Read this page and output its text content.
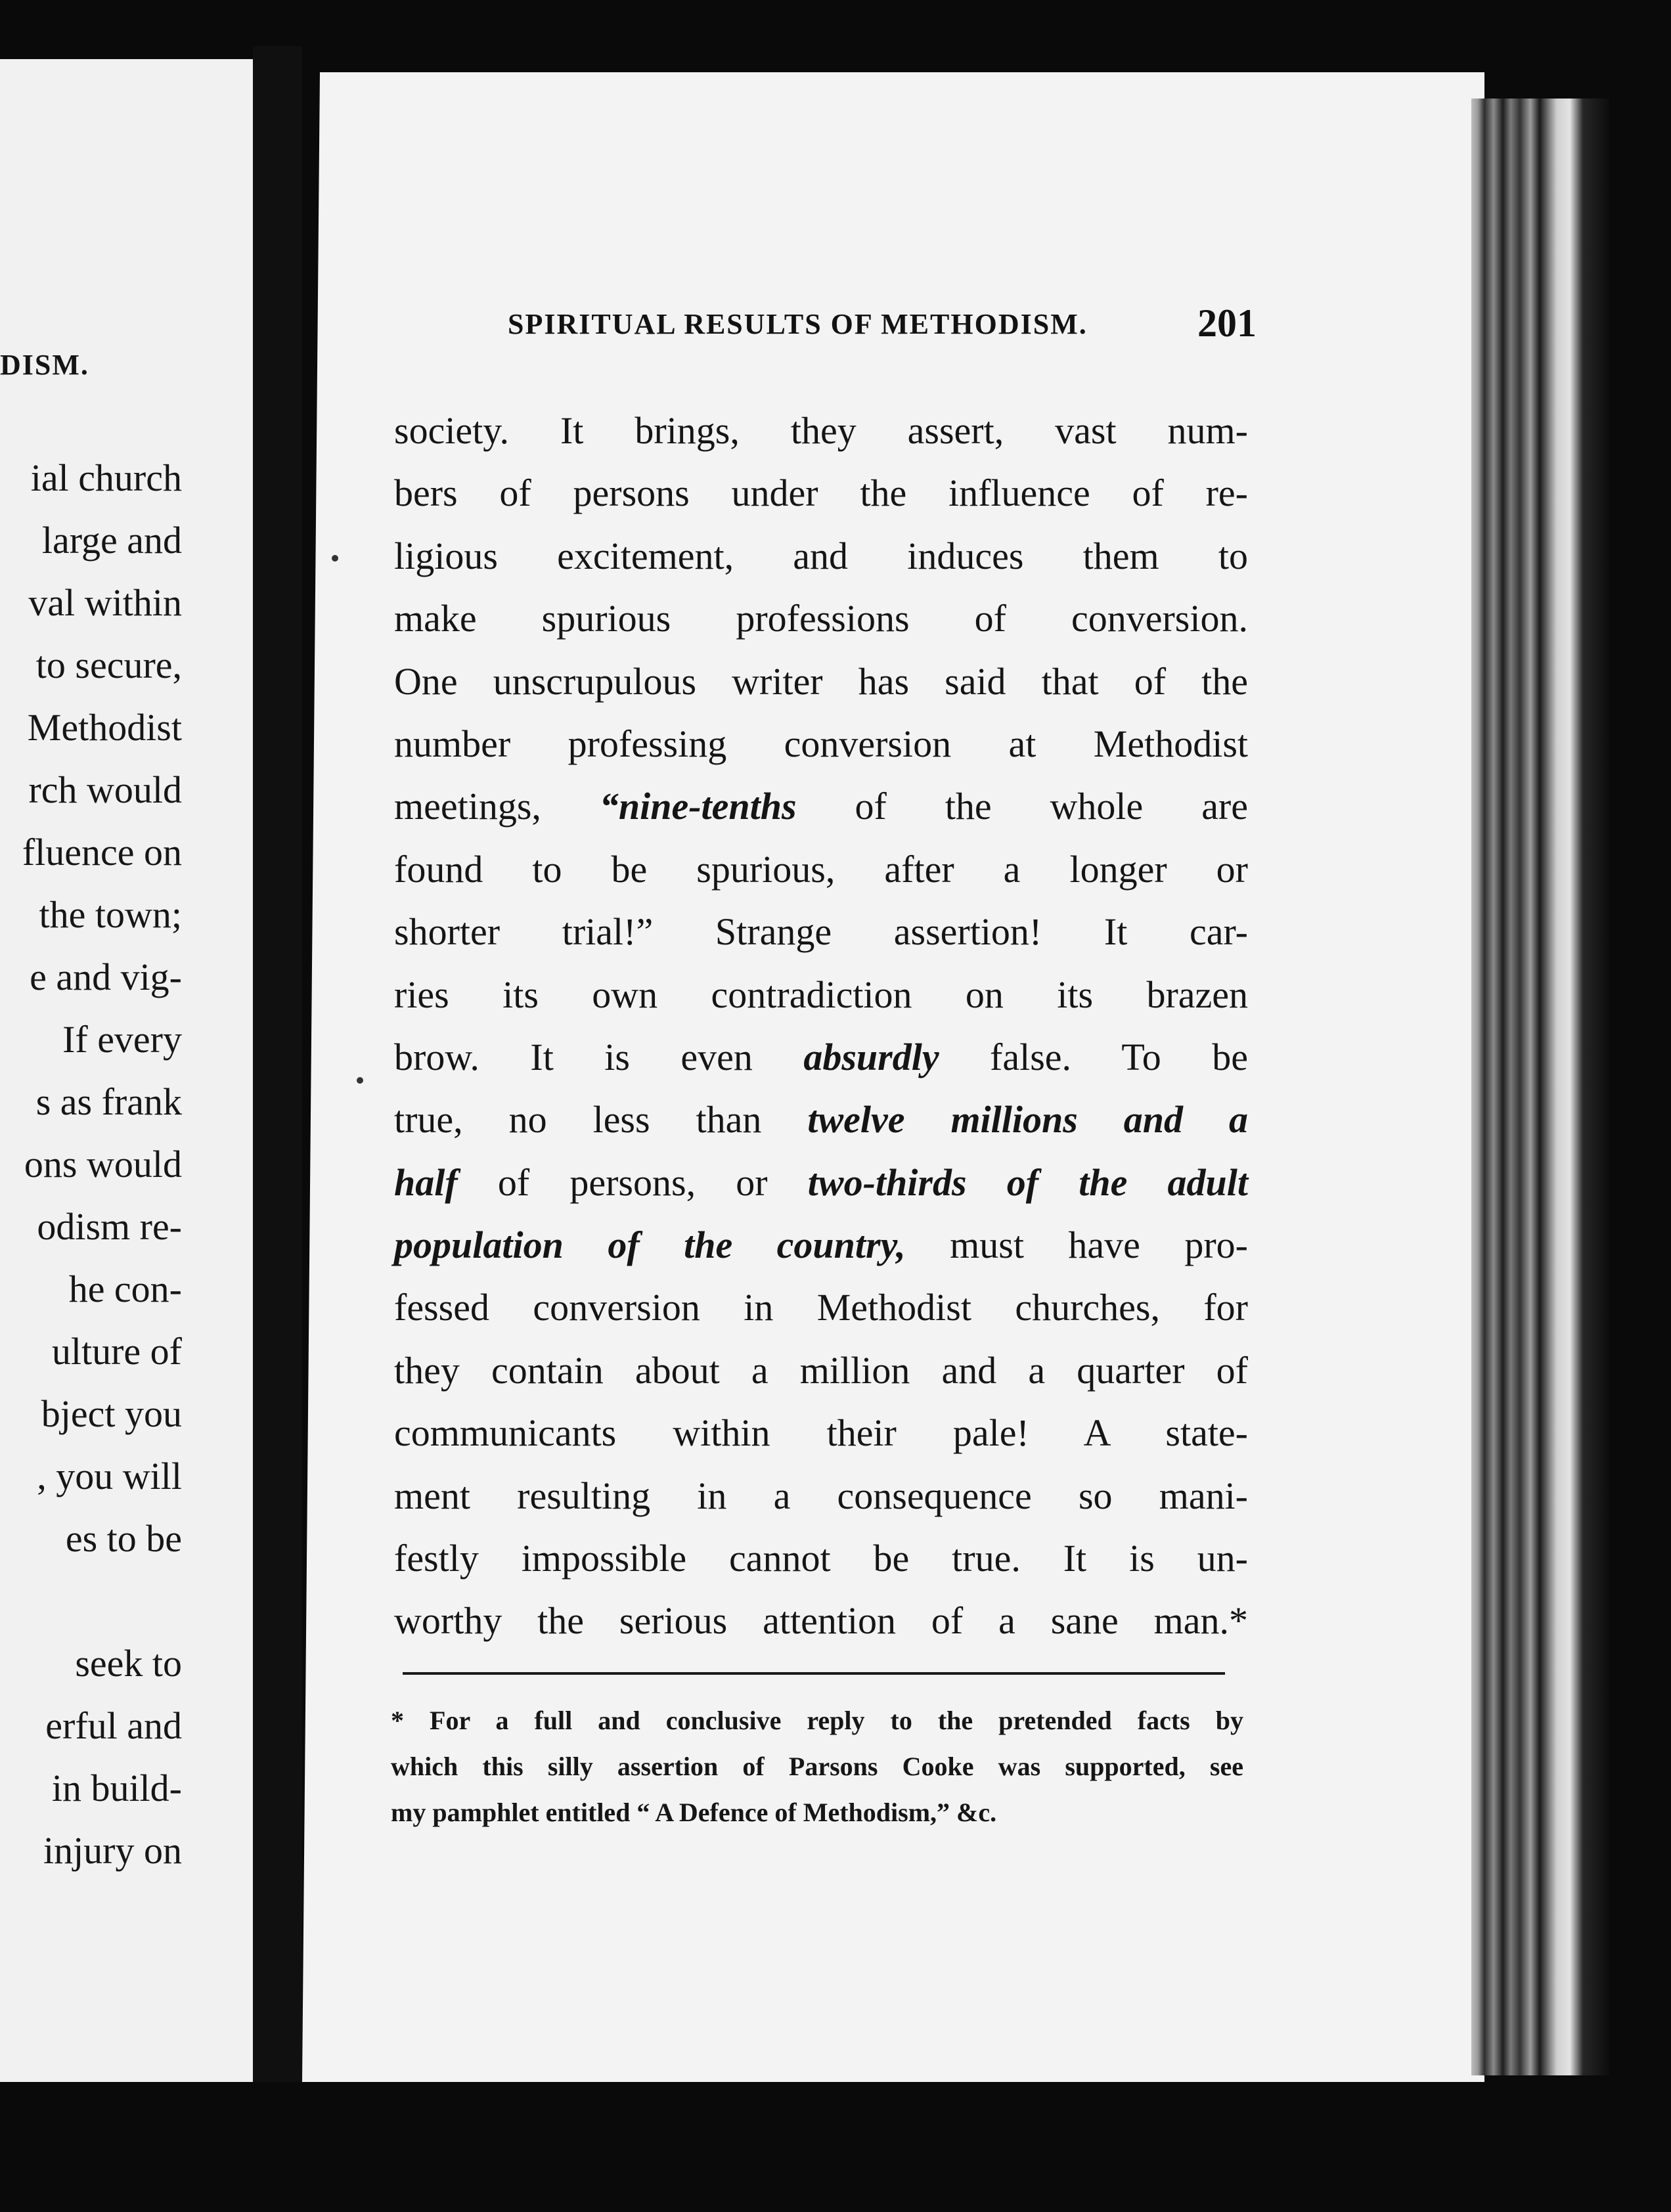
DISM.
ial church
large and
val within
to secure,
Methodist
rch would
fluence on
the town;
e and vig-
If every
s as frank
ons would
odism re-
he con-
ulture of
bject you
, you will
es to be

seek to
erful and
in build-
injury on
SPIRITUAL RESULTS OF METHODISM.	201
society. It brings, they assert, vast num-
bers of persons under the influence of re-
ligious excitement, and induces them to
make spurious professions of conversion.
One unscrupulous writer has said that of the
number professing conversion at Methodist
meetings, “nine-tenths of the whole are
found to be spurious, after a longer or
shorter trial!” Strange assertion! It car-
ries its own contradiction on its brazen
brow. It is even absurdly false. To be
true, no less than twelve millions and a
half of persons, or two-thirds of the adult
population of the country, must have pro-
fessed conversion in Methodist churches, for
they contain about a million and a quarter of
communicants within their pale! A state-
ment resulting in a consequence so mani-
festly impossible cannot be true. It is un-
worthy the serious attention of a sane man.*
* For a full and conclusive reply to the pretended facts by
which this silly assertion of Parsons Cooke was supported, see
my pamphlet entitled “ A Defence of Methodism,” &c.
